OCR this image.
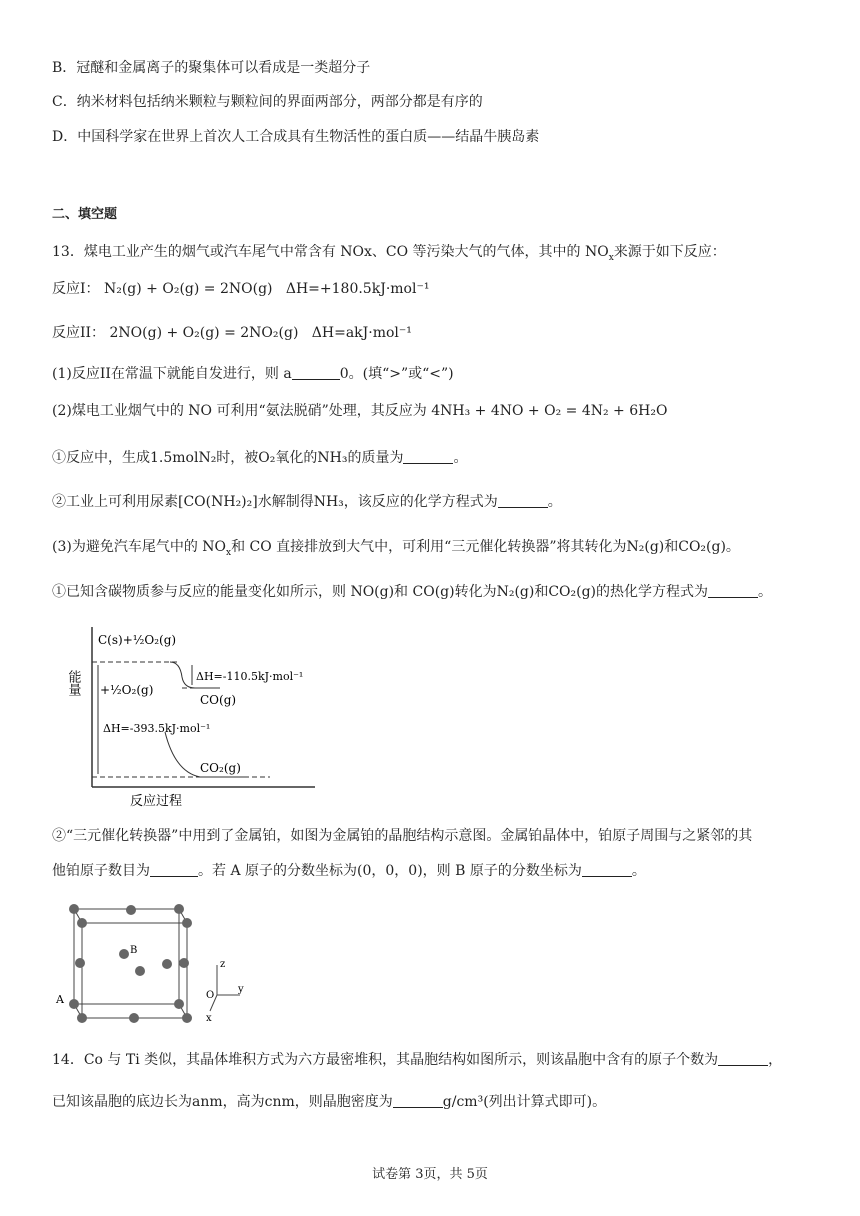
B．冠醚和金属离子的聚集体可以看成是一类超分子
C．纳米材料包括纳米颗粒与颗粒间的界面两部分，两部分都是有序的
D．中国科学家在世界上首次人工合成具有生物活性的蛋白质——结晶牛胰岛素
二、填空题
13．煤电工业产生的烟气或汽车尾气中常含有 NOx、CO 等污染大气的气体，其中的 $NO_x$来源于如下反应：
反应I： N₂(g) + O₂(g) = 2NO(g) ΔH=+180.5kJ·mol⁻¹
反应II： 2NO(g) + O₂(g) = 2NO₂(g) ΔH=akJ·mol⁻¹
(1)反应II在常温下就能自发进行，则 a	0。(填“>”或“<”)
(2)煤电工业烟气中的 NO 可利用“氨法脱硝”处理，其反应为 4NH₃ + 4NO + O₂ = 4N₂ + 6H₂O
①反应中，生成1.5molN₂时，被O₂氧化的NH₃的质量为	。
②工业上可利用尿素[CO(NH₂)₂]水解制得NH₃，该反应的化学方程式为	。
(3)为避免汽车尾气中的 $NO_x$和 CO 直接排放到大气中，可利用“三元催化转换器”将其转化为N₂(g)和CO₂(g)。
①已知含碳物质参与反应的能量变化如所示，则 NO(g)和 CO(g)转化为N₂(g)和CO₂(g)的热化学方程式为	。
能量
反应过程
C(s)+½O₂(g)
+½O₂(g)
ΔH=-110.5kJ·mol⁻¹
CO(g)
ΔH=-393.5kJ·mol⁻¹
CO₂(g)
②“三元催化转换器”中用到了金属铂，如图为金属铂的晶胞结构示意图。金属铂晶体中，铂原子周围与之紧邻的其
他铂原子数目为	。若 A 原子的分数坐标为(0，0，0)，则 B 原子的分数坐标为	。
B
A
z
y
x
O
14．Co 与 Ti 类似，其晶体堆积方式为六方最密堆积，其晶胞结构如图所示，则该晶胞中含有的原子个数为	，
已知该晶胞的底边长为anm，高为cnm，则晶胞密度为	g/cm³(列出计算式即可)。
试卷第 3页，共 5页
